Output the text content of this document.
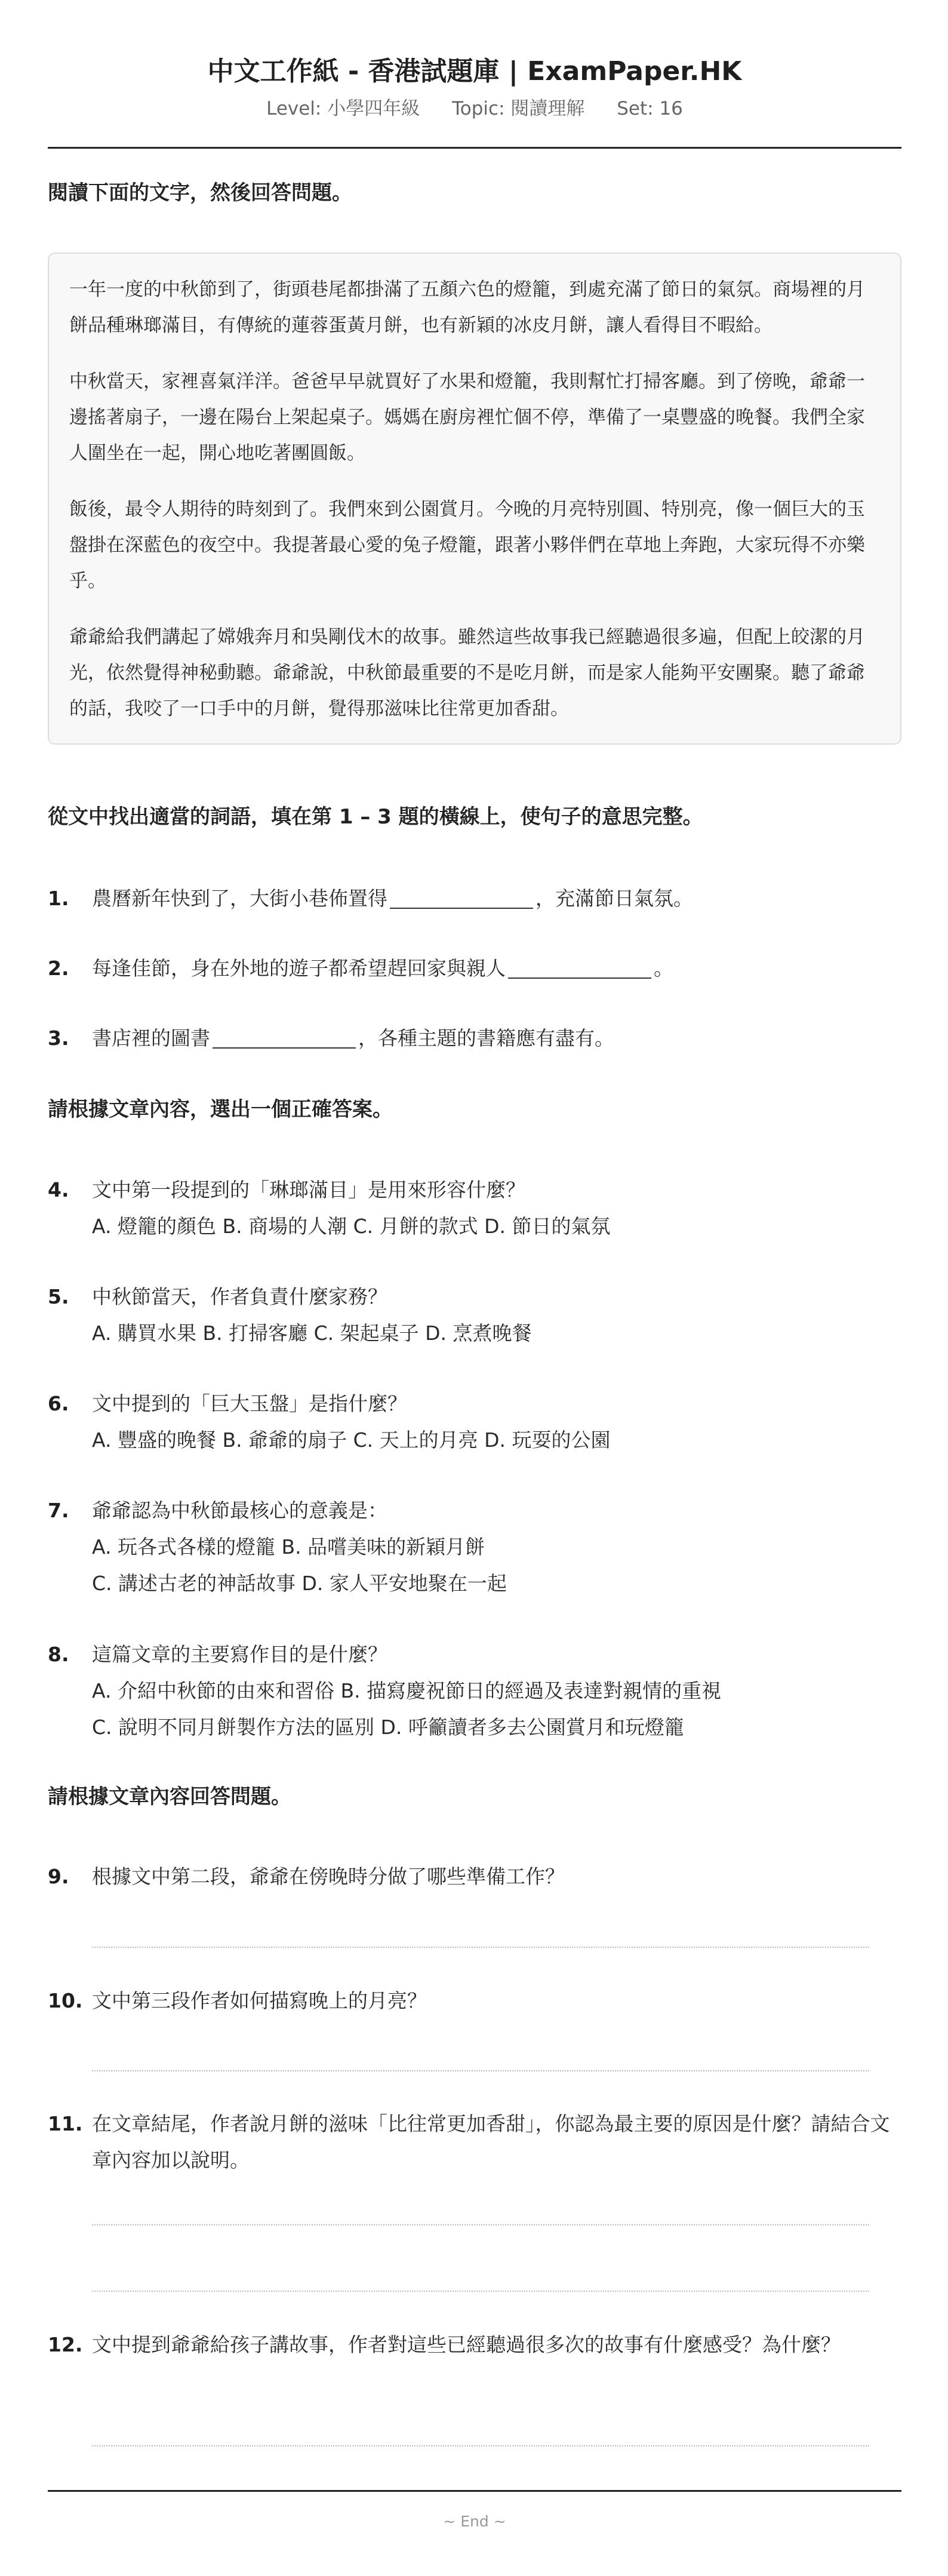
中文工作紙 - 香港試題庫 | ExamPaper.HK
Level: 小學四年級 Topic: 閱讀理解 Set: 16
閱讀下面的文字，然後回答問題。

一年一度的中秋節到了，街頭巷尾都掛滿了五顏六色的燈籠，到處充滿了節日的氣氛。商場裡的月餅品種琳瑯滿目，有傳統的蓮蓉蛋黃月餅，也有新穎的冰皮月餅，讓人看得目不暇給。

中秋當天，家裡喜氣洋洋。爸爸早早就買好了水果和燈籠，我則幫忙打掃客廳。到了傍晚，爺爺一邊搖著扇子，一邊在陽台上架起桌子。媽媽在廚房裡忙個不停，準備了一桌豐盛的晚餐。我們全家人圍坐在一起，開心地吃著團圓飯。

飯後，最令人期待的時刻到了。我們來到公園賞月。今晚的月亮特別圓、特別亮，像一個巨大的玉盤掛在深藍色的夜空中。我提著最心愛的兔子燈籠，跟著小夥伴們在草地上奔跑，大家玩得不亦樂乎。

爺爺給我們講起了嫦娥奔月和吳剛伐木的故事。雖然這些故事我已經聽過很多遍，但配上皎潔的月光，依然覺得神秘動聽。爺爺說，中秋節最重要的不是吃月餅，而是家人能夠平安團聚。聽了爺爺的話，我咬了一口手中的月餅，覺得那滋味比往常更加香甜。

從文中找出適當的詞語，填在第 1 – 3 題的橫線上，使句子的意思完整。
1. 農曆新年快到了，大街小巷佈置得	，充滿節日氣氛。
2. 每逢佳節，身在外地的遊子都希望趕回家與親人	。
3. 書店裡的圖書	，各種主題的書籍應有盡有。
請根據文章內容，選出一個正確答案。
4. 文中第一段提到的「琳瑯滿目」是用來形容什麼？
A. 燈籠的顏色 B. 商場的人潮 C. 月餅的款式 D. 節日的氣氛
5. 中秋節當天，作者負責什麼家務？
A. 購買水果 B. 打掃客廳 C. 架起桌子 D. 烹煮晚餐
6. 文中提到的「巨大玉盤」是指什麼？
A. 豐盛的晚餐 B. 爺爺的扇子 C. 天上的月亮 D. 玩耍的公園
7. 爺爺認為中秋節最核心的意義是：
A. 玩各式各樣的燈籠 B. 品嚐美味的新穎月餅
C. 講述古老的神話故事 D. 家人平安地聚在一起
8. 這篇文章的主要寫作目的是什麼？
A. 介紹中秋節的由來和習俗 B. 描寫慶祝節日的經過及表達對親情的重視
C. 說明不同月餅製作方法的區別 D. 呼籲讀者多去公園賞月和玩燈籠
請根據文章內容回答問題。
9. 根據文中第二段，爺爺在傍晚時分做了哪些準備工作？
10. 文中第三段作者如何描寫晚上的月亮？
11. 在文章結尾，作者說月餅的滋味「比往常更加香甜」，你認為最主要的原因是什麼？請結合文章內容加以說明。
12. 文中提到爺爺給孩子講故事，作者對這些已經聽過很多次的故事有什麼感受？為什麼？
~ End ~
